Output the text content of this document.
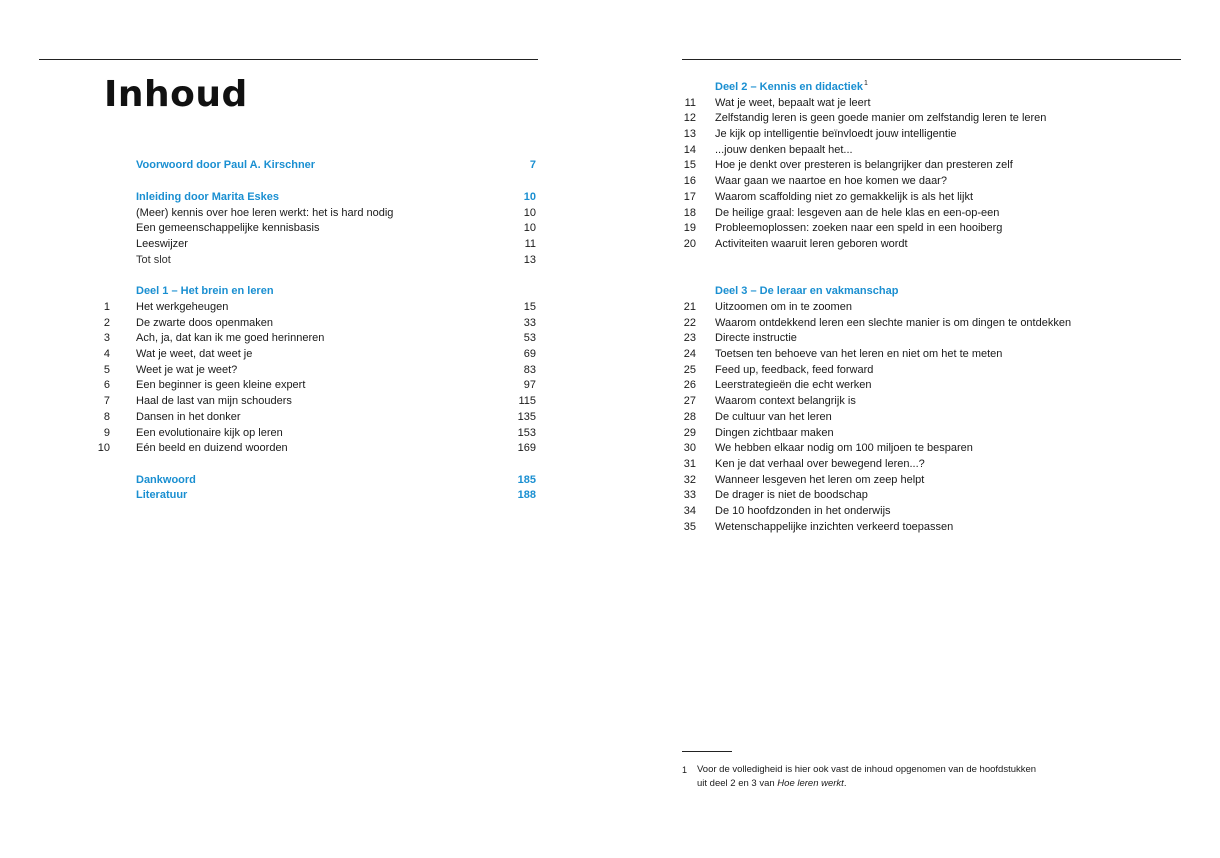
Inhoud
Voorwoord door Paul A. Kirschner	7
Inleiding door Marita Eskes	10
(Meer) kennis over hoe leren werkt: het is hard nodig	10
Een gemeenschappelijke kennisbasis	10
Leeswijzer	11
Tot slot	13
Deel 1 – Het brein en leren
1 Het werkgeheugen	15
2 De zwarte doos openmaken	33
3 Ach, ja, dat kan ik me goed herinneren	53
4 Wat je weet, dat weet je	69
5 Weet je wat je weet?	83
6 Een beginner is geen kleine expert	97
7 Haal de last van mijn schouders	115
8 Dansen in het donker	135
9 Een evolutionaire kijk op leren	153
10 Eén beeld en duizend woorden	169
Dankwoord	185
Literatuur	188
Deel 2 – Kennis en didactiek 1
11 Wat je weet, bepaalt wat je leert
12 Zelfstandig leren is geen goede manier om zelfstandig leren te leren
13 Je kijk op intelligentie beïnvloedt jouw intelligentie
14 ...jouw denken bepaalt het...
15 Hoe je denkt over presteren is belangrijker dan presteren zelf
16 Waar gaan we naartoe en hoe komen we daar?
17 Waarom scaffolding niet zo gemakkelijk is als het lijkt
18 De heilige graal: lesgeven aan de hele klas en een-op-een
19 Probleemoplossen: zoeken naar een speld in een hooiberg
20 Activiteiten waaruit leren geboren wordt
Deel 3 – De leraar en vakmanschap
21 Uitzoomen om in te zoomen
22 Waarom ontdekkend leren een slechte manier is om dingen te ontdekken
23 Directe instructie
24 Toetsen ten behoeve van het leren en niet om het te meten
25 Feed up, feedback, feed forward
26 Leerstrategieën die echt werken
27 Waarom context belangrijk is
28 De cultuur van het leren
29 Dingen zichtbaar maken
30 We hebben elkaar nodig om 100 miljoen te besparen
31 Ken je dat verhaal over bewegend leren...?
32 Wanneer lesgeven het leren om zeep helpt
33 De drager is niet de boodschap
34 De 10 hoofdzonden in het onderwijs
35 Wetenschappelijke inzichten verkeerd toepassen
1	Voor de volledigheid is hier ook vast de inhoud opgenomen van de hoofdstukken
uit deel 2 en 3 van Hoe leren werkt.
